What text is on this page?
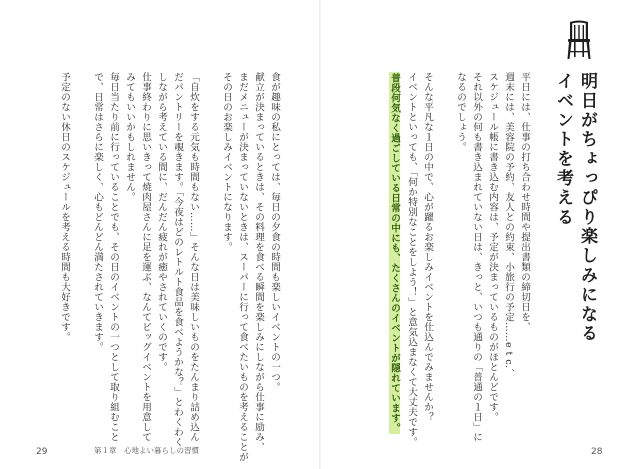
明日がちょっぴり楽しみになる
イベントを考える
平日には、仕事の打ち合わせ時間や提出書類の締切日を、
週末には、美容院の予約、友人との約束、小旅行の予定……e t c.、
スケジュール帳に書き込む内容は、予定が決まっているものがほとんどです。
それ以外の何も書き込まれていない日は、きっと、いつも通りの「普通の１日」に
なるのでしょう。
そんな平凡な１日の中で、心が躍るお楽しみイベントを仕込んでみませんか？
イベントといっても、「何か特別なことをしよう！」と意気込まなくて大丈夫です。
普段何気なく過ごしている日常の中にも、たくさんのイベントが隠れています。
28
食が趣味の私にとっては、毎日の夕食の時間も楽しいイベントの一つ。
献立が決まっているときは、その料理を食べる瞬間を楽しみにしながら仕事に励み、
まだメニューが決まっていないときは、スーパーに行って食べたいものを考えることが
その日のお楽しみイベントになります。
「自炊をする元気も時間もない……」そんな日は美味しいものをたんまり詰め込ん
だパントリーを覗きます。「今夜はどのレトルト食品を食べようかな？」とわくわく
しながら考えている間に、だんだん疲れが癒やされていくのです。
仕事終わりに思いきって焼肉屋さんに足を運ぶ、なんてビッグイベントを用意して
みてもいいかもしれません。
毎日当たり前に行っていることでも、その日のイベントの一つとして取り組むこと
で、日常はさらに楽しく、心もどんどん満たされていきます。
予定のない休日のスケジュールを考える時間も大好きです。
29	第１章　心地よい暮らしの習慣
